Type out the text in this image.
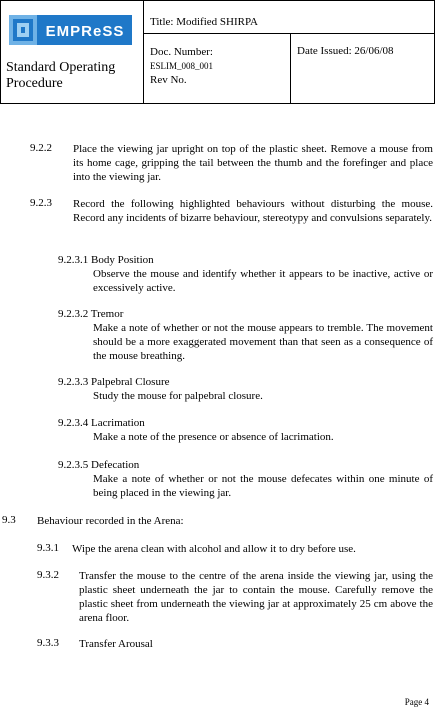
EMPReSS
Standard Operating Procedure
Title: Modified SHIRPA
Doc. Number:
ESLIM_008_001
Rev No.
Date Issued: 26/06/08
9.2.2 Place the viewing jar upright on top of the plastic sheet. Remove a mouse from its home cage, gripping the tail between the thumb and the forefinger and place into the viewing jar.
9.2.3 Record the following highlighted behaviours without disturbing the mouse. Record any incidents of bizarre behaviour, stereotypy and convulsions separately.
9.2.3.1 Body Position
Observe the mouse and identify whether it appears to be inactive, active or excessively active.
9.2.3.2 Tremor
Make a note of whether or not the mouse appears to tremble. The movement should be a more exaggerated movement than that seen as a consequence of the mouse breathing.
9.2.3.3 Palpebral Closure
Study the mouse for palpebral closure.
9.2.3.4 Lacrimation
Make a note of the presence or absence of lacrimation.
9.2.3.5 Defecation
Make a note of whether or not the mouse defecates within one minute of being placed in the viewing jar.
9.3 Behaviour recorded in the Arena:
9.3.1 Wipe the arena clean with alcohol and allow it to dry before use.
9.3.2 Transfer the mouse to the centre of the arena inside the viewing jar, using the plastic sheet underneath the jar to contain the mouse. Carefully remove the plastic sheet from underneath the viewing jar at approximately 25 cm above the arena floor.
9.3.3 Transfer Arousal
Page 4
